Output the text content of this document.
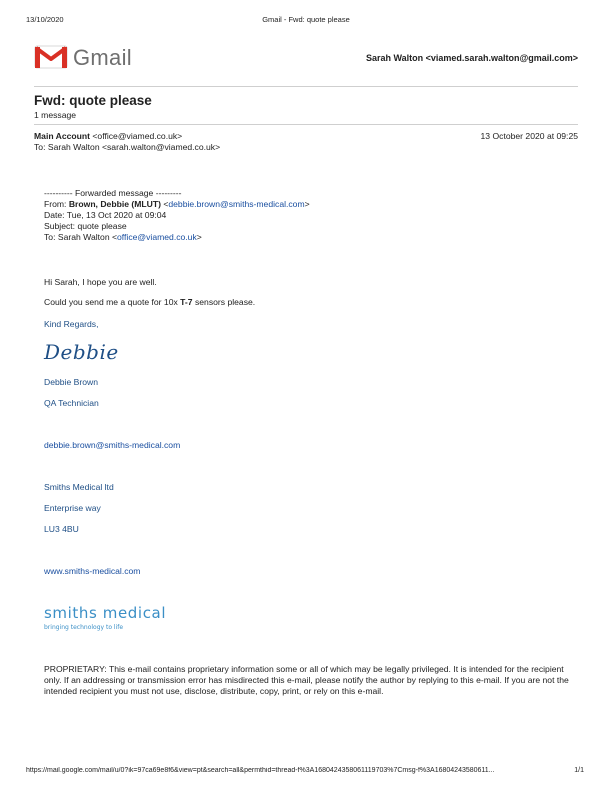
13/10/2020	Gmail - Fwd: quote please
Gmail	Sarah Walton <viamed.sarah.walton@gmail.com>
Fwd: quote please
1 message
Main Account <office@viamed.co.uk>	13 October 2020 at 09:25
To: Sarah Walton <sarah.walton@viamed.co.uk>
---------- Forwarded message ---------
From: Brown, Debbie (MLUT) <debbie.brown@smiths-medical.com>
Date: Tue, 13 Oct 2020 at 09:04
Subject: quote please
To: Sarah Walton <office@viamed.co.uk>
Hi Sarah, I hope you are well.
Could you send me a quote for 10x T-7 sensors please.
Kind Regards,
Debbie
Debbie Brown
QA Technician
debbie.brown@smiths-medical.com
Smiths Medical ltd
Enterprise way
LU3 4BU
www.smiths-medical.com
smiths medical
bringing technology to life
PROPRIETARY: This e-mail contains proprietary information some or all of which may be legally privileged. It is intended for the recipient only. If an addressing or transmission error has misdirected this e-mail, please notify the author by replying to this e-mail. If you are not the intended recipient you must not use, disclose, distribute, copy, print, or rely on this e-mail.
https://mail.google.com/mail/u/0?ik=97ca69e8f6&view=pt&search=all&permthid=thread-f%3A1680424358061119703%7Cmsg-f%3A16804243580611...	1/1
